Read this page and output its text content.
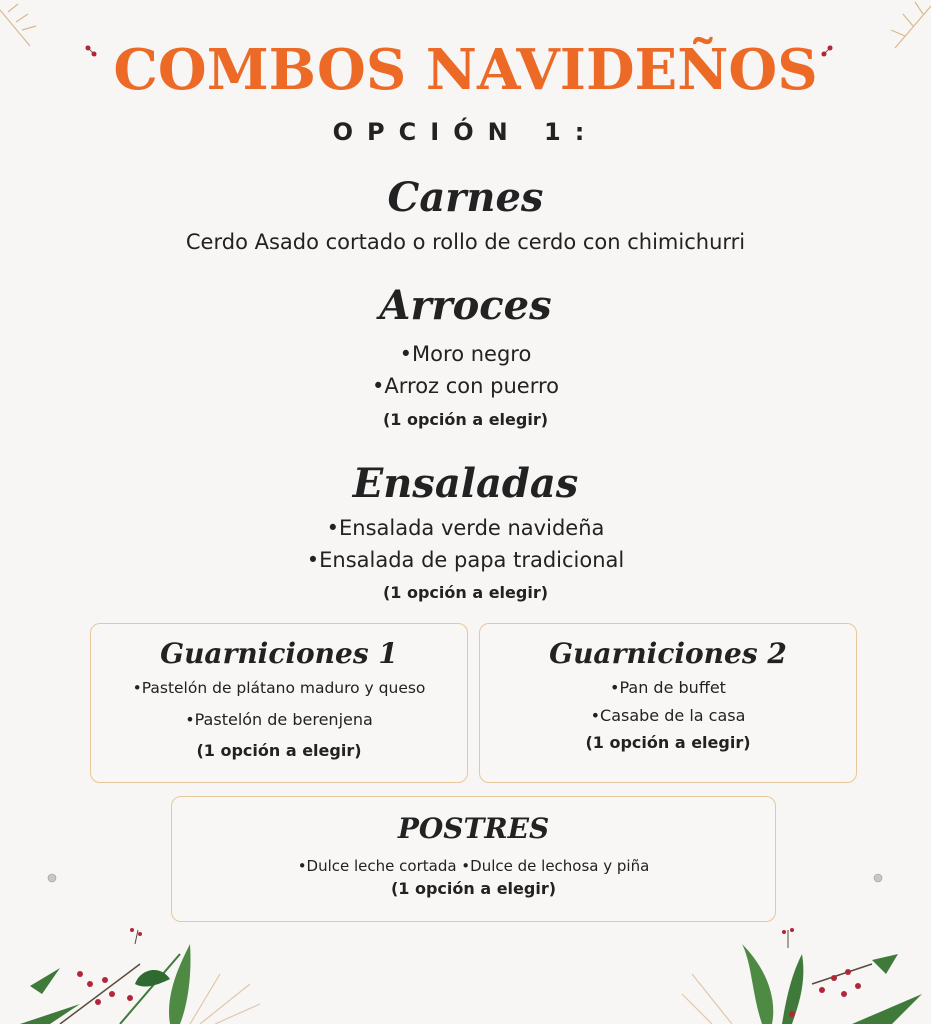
COMBOS NAVIDEÑOS
OPCIÓN 1:
Carnes
Cerdo Asado cortado o rollo de cerdo con chimichurri
Arroces
•Moro negro
•Arroz con puerro
(1 opción a elegir)
Ensaladas
•Ensalada verde navideña
•Ensalada de papa tradicional
(1 opción a elegir)
Guarniciones 1
•Pastelón de plátano maduro y queso
•Pastelón de berenjena
(1 opción a elegir)
Guarniciones 2
•Pan de buffet
•Casabe de la casa
(1 opción a elegir)
POSTRES
•Dulce leche cortada •Dulce de lechosa y piña
(1 opción a elegir)
